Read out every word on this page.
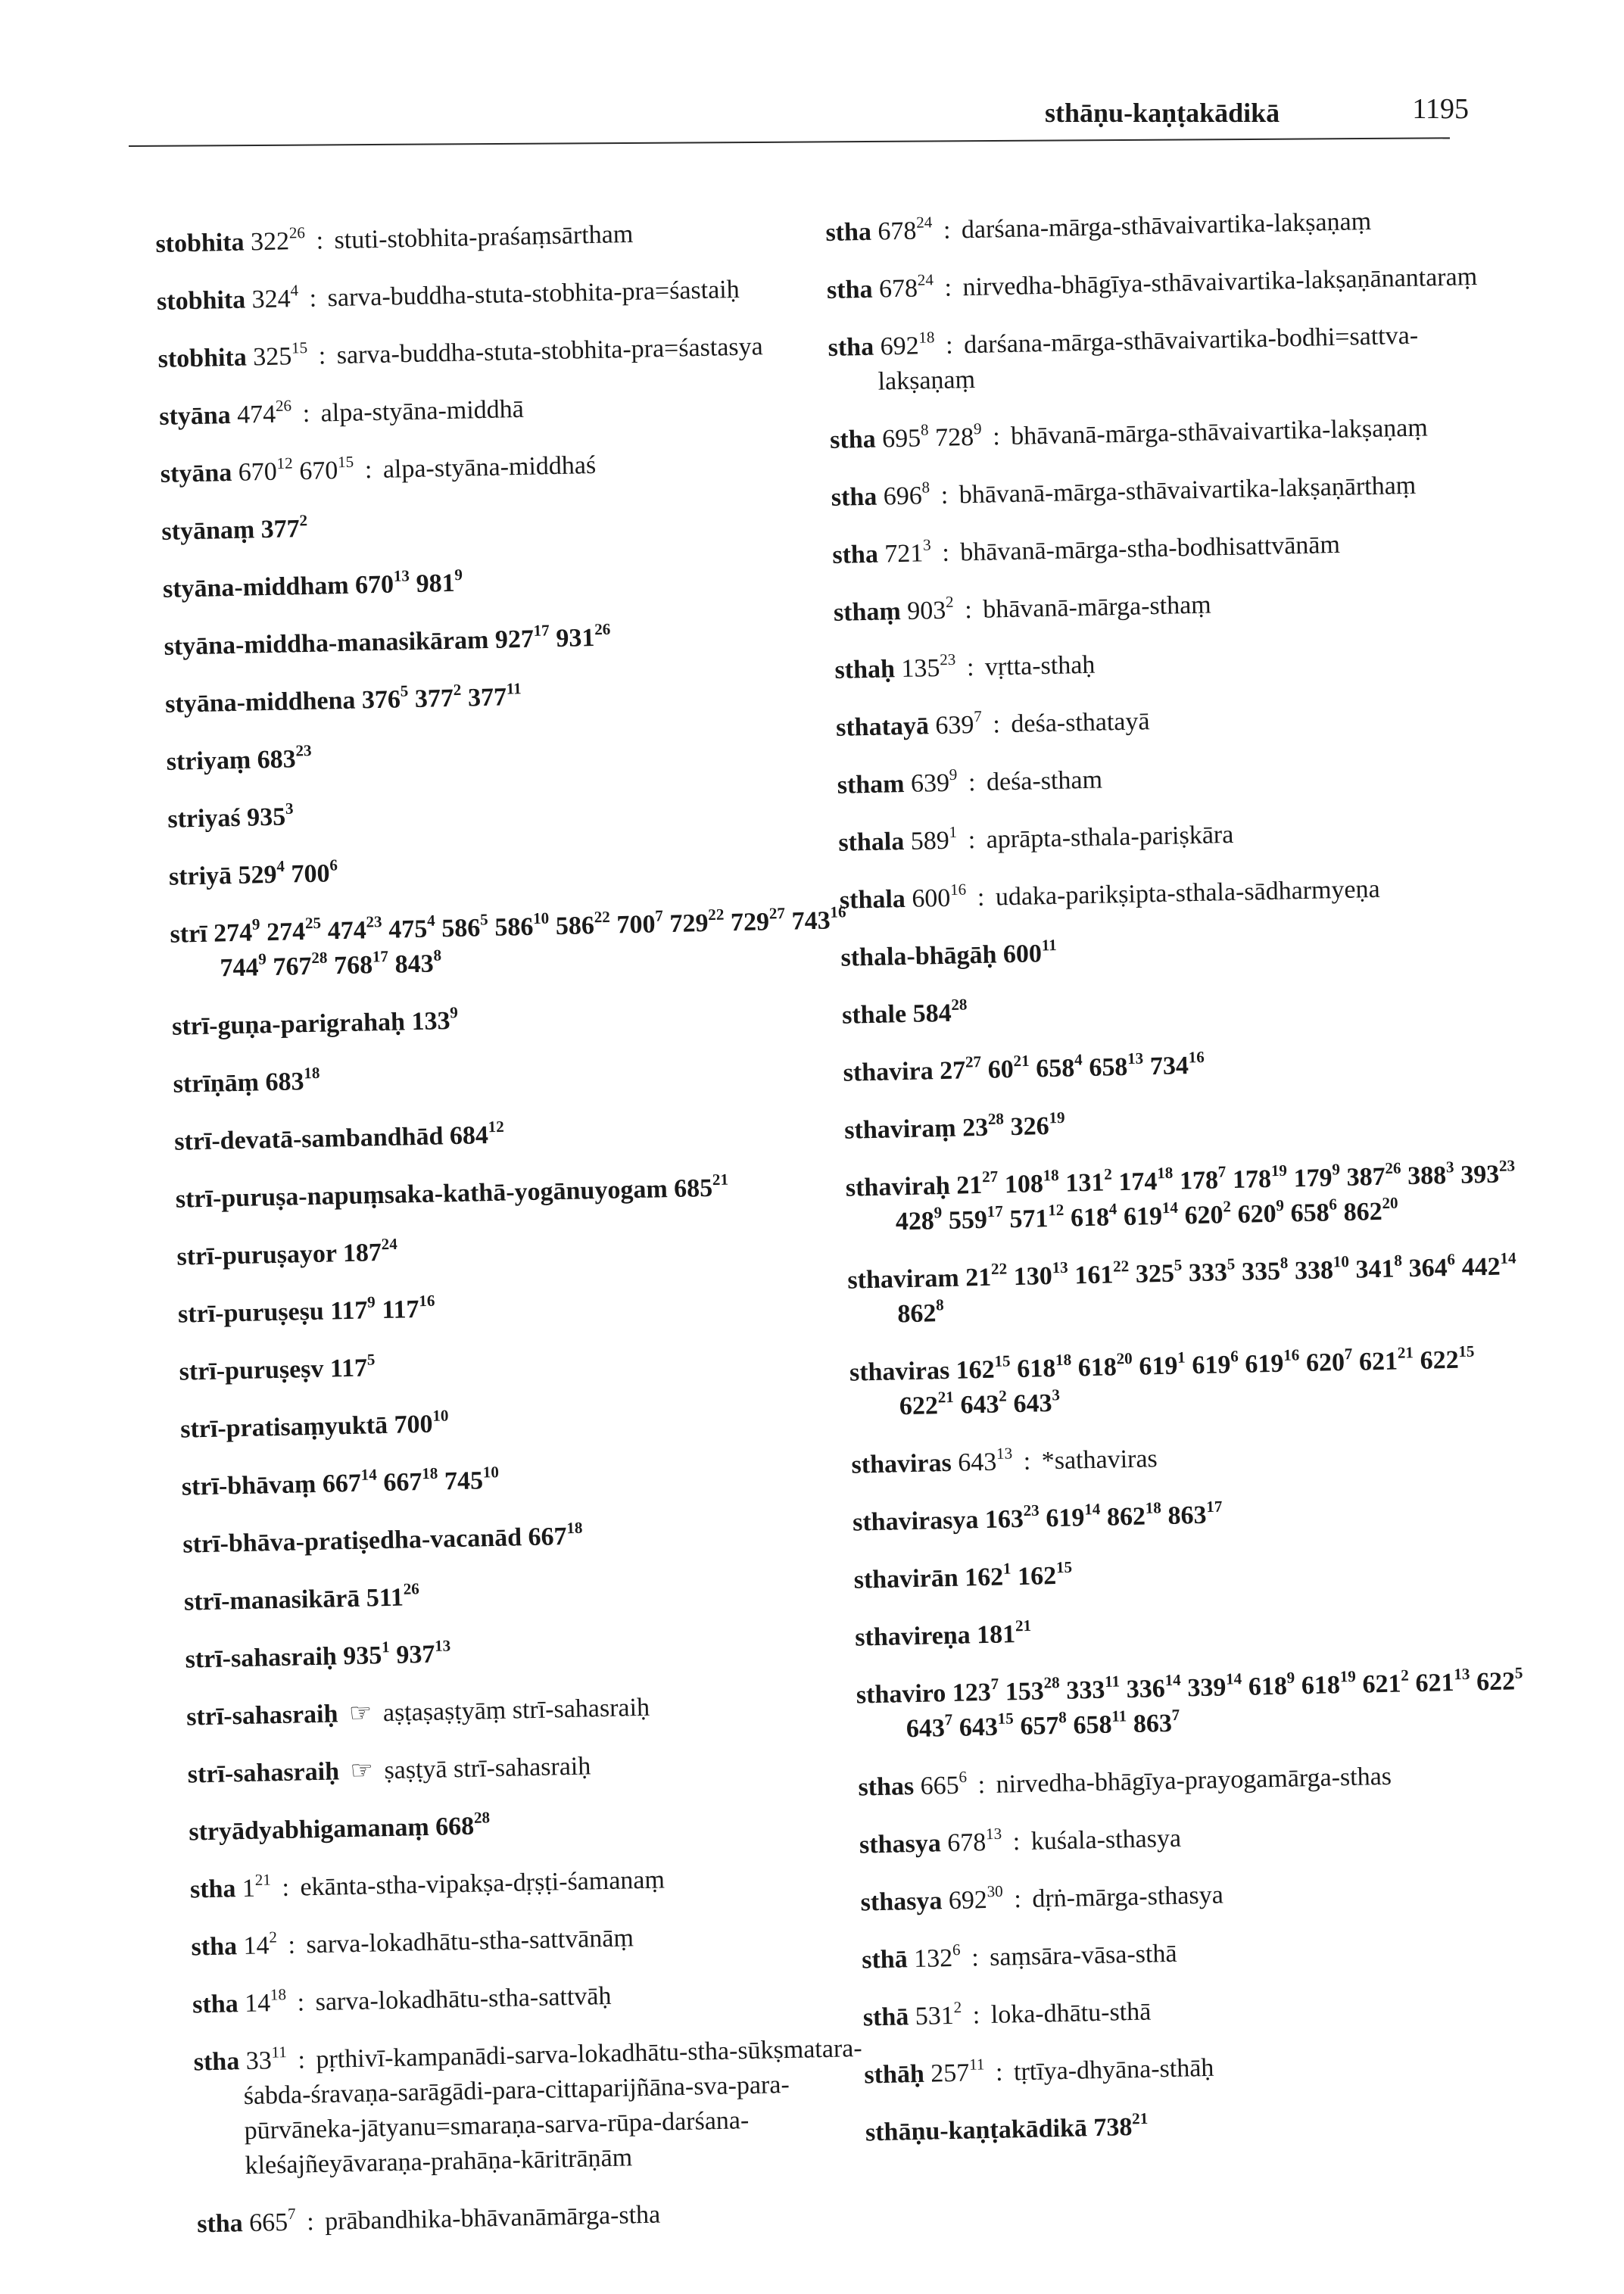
sthāṇu-kaṇṭakādikā	1195
stobhita $322^{26}$ : stuti-stobhita-praśaṃsārtham
stobhita $324^4$ : sarva-buddha-stuta-stobhita-pra=śastaiḥ
stobhita $325^{15}$ : sarva-buddha-stuta-stobhita-pra=śastasya
styāna $474^{26}$ : alpa-styāna-middhā
styāna $670^{12}$ $670^{15}$ : alpa-styāna-middhaś
styānaṃ $377^2$
styāna-middham $670^{13}$ $981^9$
styāna-middha-manasikāram $927^{17}$ $931^{26}$
styāna-middhena $376^5$ $377^2$ $377^{11}$
striyaṃ $683^{23}$
striyaś $935^3$
striyā $529^4$ $700^6$
strī $274^9$ $274^{25}$ $474^{23}$ $475^4$ $586^5$ $586^{10}$ $586^{22}$ $700^7$ $729^{22}$ $729^{27}$ $743^{16}$ $744^9$ $767^{28}$ $768^{17}$ $843^8$
strī-guṇa-parigrahaḥ $133^9$
strīṇāṃ $683^{18}$
strī-devatā-sambandhād $684^{12}$
strī-puruṣa-napuṃsaka-kathā-yogānuyogam $685^{21}$
strī-puruṣayor $187^{24}$
strī-puruṣeṣu $117^9$ $117^{16}$
strī-puruṣeṣv $117^5$
strī-pratisaṃyuktā $700^{10}$
strī-bhāvaṃ $667^{14}$ $667^{18}$ $745^{10}$
strī-bhāva-pratiṣedha-vacanād $667^{18}$
strī-manasikārā $511^{26}$
strī-sahasraiḥ $935^1$ $937^{13}$
strī-sahasraiḥ ☞ aṣṭaṣaṣṭyāṃ strī-sahasraiḥ
strī-sahasraiḥ ☞ ṣaṣṭyā strī-sahasraiḥ
stryādyabhigamanaṃ $668^{28}$
stha $1^{21}$ : ekānta-stha-vipakṣa-dṛṣṭi-śamanaṃ
stha $14^2$ : sarva-lokadhātu-stha-sattvānāṃ
stha $14^{18}$ : sarva-lokadhātu-stha-sattvāḥ
stha $33^{11}$ : pṛthivī-kampanādi-sarva-lokadhātu-stha-sūkṣmatara-śabda-śravaṇa-sarāgādi-para-cittaparijñāna-sva-para-pūrvāneka-jātyanu=smaraṇa-sarva-rūpa-darśana-kleśajñeyāvaraṇa-prahāṇa-kāritrāṇām
stha $665^7$ : prābandhika-bhāvanāmārga-stha
stha $678^{24}$ : darśana-mārga-sthāvaivartika-lakṣaṇaṃ
stha $678^{24}$ : nirvedha-bhāgīya-sthāvaivartika-lakṣaṇānantaraṃ
stha $692^{18}$ : darśana-mārga-sthāvaivartika-bodhi=sattva-lakṣaṇaṃ
stha $695^8$ $728^9$ : bhāvanā-mārga-sthāvaivartika-lakṣaṇaṃ
stha $696^8$ : bhāvanā-mārga-sthāvaivartika-lakṣaṇārthaṃ
stha $721^3$ : bhāvanā-mārga-stha-bodhisattvānām
sthaṃ $903^2$ : bhāvanā-mārga-sthaṃ
sthaḥ $135^{23}$ : vṛtta-sthaḥ
sthatayā $639^7$ : deśa-sthatayā
stham $639^9$ : deśa-stham
sthala $589^1$ : aprāpta-sthala-pariṣkāra
sthala $600^{16}$ : udaka-parikṣipta-sthala-sādharmyeṇa
sthala-bhāgāḥ $600^{11}$
sthale $584^{28}$
sthavira $27^{27}$ $60^{21}$ $658^4$ $658^{13}$ $734^{16}$
sthaviraṃ $23^{28}$ $326^{19}$
sthaviraḥ $21^{27}$ $108^{18}$ $131^2$ $174^{18}$ $178^7$ $178^{19}$ $179^9$ $387^{26}$ $388^3$ $393^{23}$ $428^9$ $559^{17}$ $571^{12}$ $618^4$ $619^{14}$ $620^2$ $620^9$ $658^6$ $862^{20}$
sthaviram $21^{22}$ $130^{13}$ $161^{22}$ $325^5$ $333^5$ $335^8$ $338^{10}$ $341^8$ $364^6$ $442^{14}$ $862^8$
sthaviras $162^{15}$ $618^{18}$ $618^{20}$ $619^1$ $619^6$ $619^{16}$ $620^7$ $621^{21}$ $622^{15}$ $622^{21}$ $643^2$ $643^3$
sthaviras $643^{13}$ : *sathaviras
sthavirasya $163^{23}$ $619^{14}$ $862^{18}$ $863^{17}$
sthavirān $162^1$ $162^{15}$
sthavireṇa $181^{21}$
sthaviro $123^7$ $153^{28}$ $333^{11}$ $336^{14}$ $339^{14}$ $618^9$ $618^{19}$ $621^2$ $621^{13}$ $622^5$ $643^7$ $643^{15}$ $657^8$ $658^{11}$ $863^7$
sthas $665^6$ : nirvedha-bhāgīya-prayogamārga-sthas
sthasya $678^{13}$ : kuśala-sthasya
sthasya $692^{30}$ : dṛṅ-mārga-sthasya
sthā $132^6$ : saṃsāra-vāsa-sthā
sthā $531^2$ : loka-dhātu-sthā
sthāḥ $257^{11}$ : tṛtīya-dhyāna-sthāḥ
sthāṇu-kaṇṭakādikā $738^{21}$
